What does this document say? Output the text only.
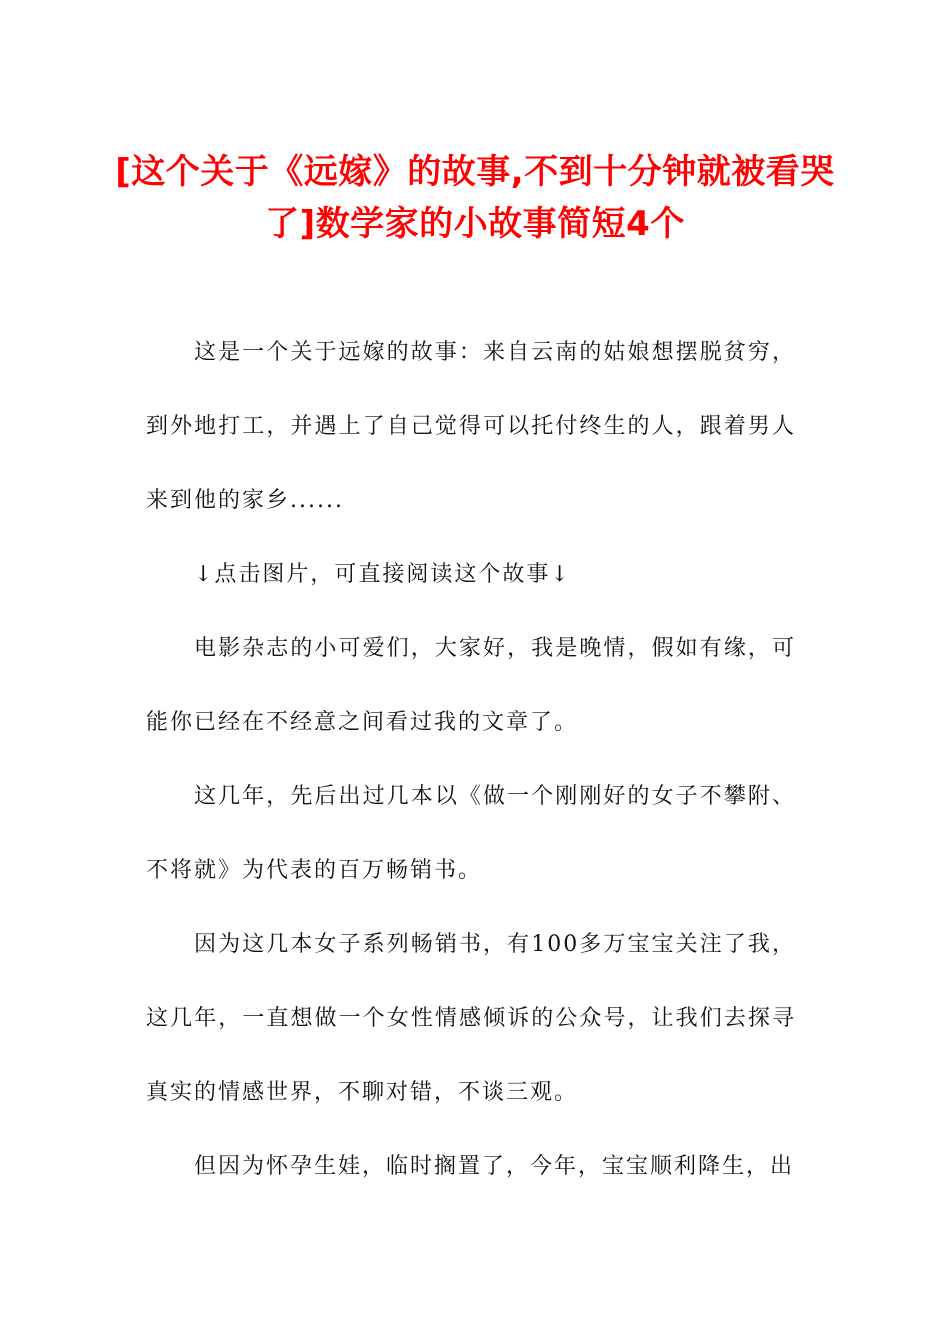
[这个关于《远嫁》的故事,不到十分钟就被看哭了]数学家的小故事简短4个

这是一个关于远嫁的故事：来自云南的姑娘想摆脱贫穷，到外地打工，并遇上了自己觉得可以托付终生的人，跟着男人来到他的家乡......

↓点击图片，可直接阅读这个故事↓

电影杂志的小可爱们，大家好，我是晚情，假如有缘，可能你已经在不经意之间看过我的文章了。

这几年，先后出过几本以《做一个刚刚好的女子不攀附、不将就》为代表的百万畅销书。

因为这几本女子系列畅销书，有100多万宝宝关注了我，这几年，一直想做一个女性情感倾诉的公众号，让我们去探寻真实的情感世界，不聊对错，不谈三观。

但因为怀孕生娃，临时搁置了，今年，宝宝顺利降生，出
